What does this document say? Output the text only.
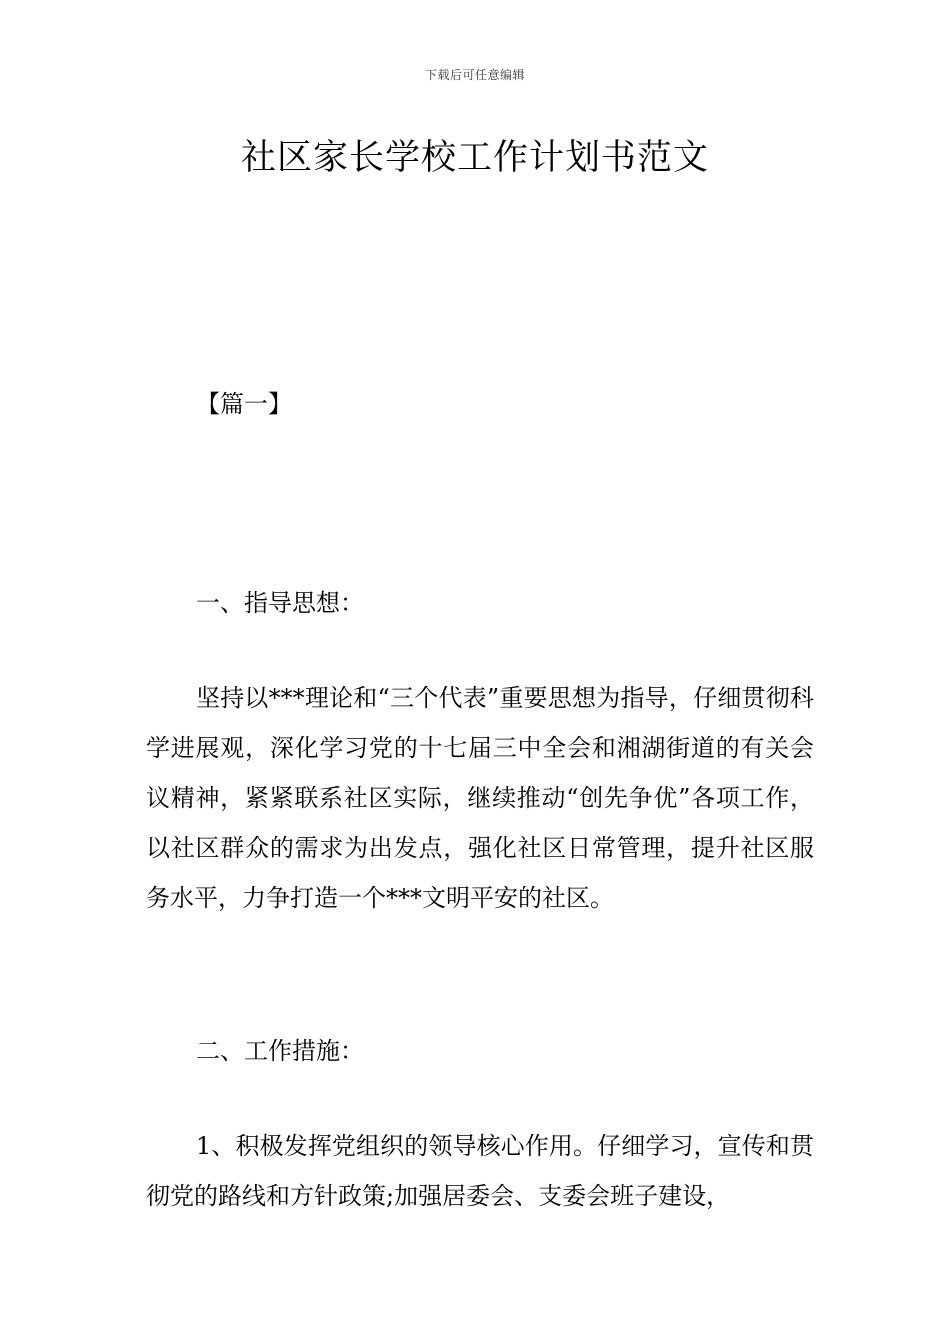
下载后可任意编辑
社区家长学校工作计划书范文
【篇一】
一、指导思想：
坚持以***理论和“三个代表”重要思想为指导，仔细贯彻科学进展观，深化学习党的十七届三中全会和湘湖街道的有关会议精神，紧紧联系社区实际，继续推动“创先争优”各项工作，以社区群众的需求为出发点，强化社区日常管理，提升社区服务水平，力争打造一个***文明平安的社区。
二、工作措施：
1、积极发挥党组织的领导核心作用。仔细学习，宣传和贯彻党的路线和方针政策;加强居委会、支委会班子建设，
